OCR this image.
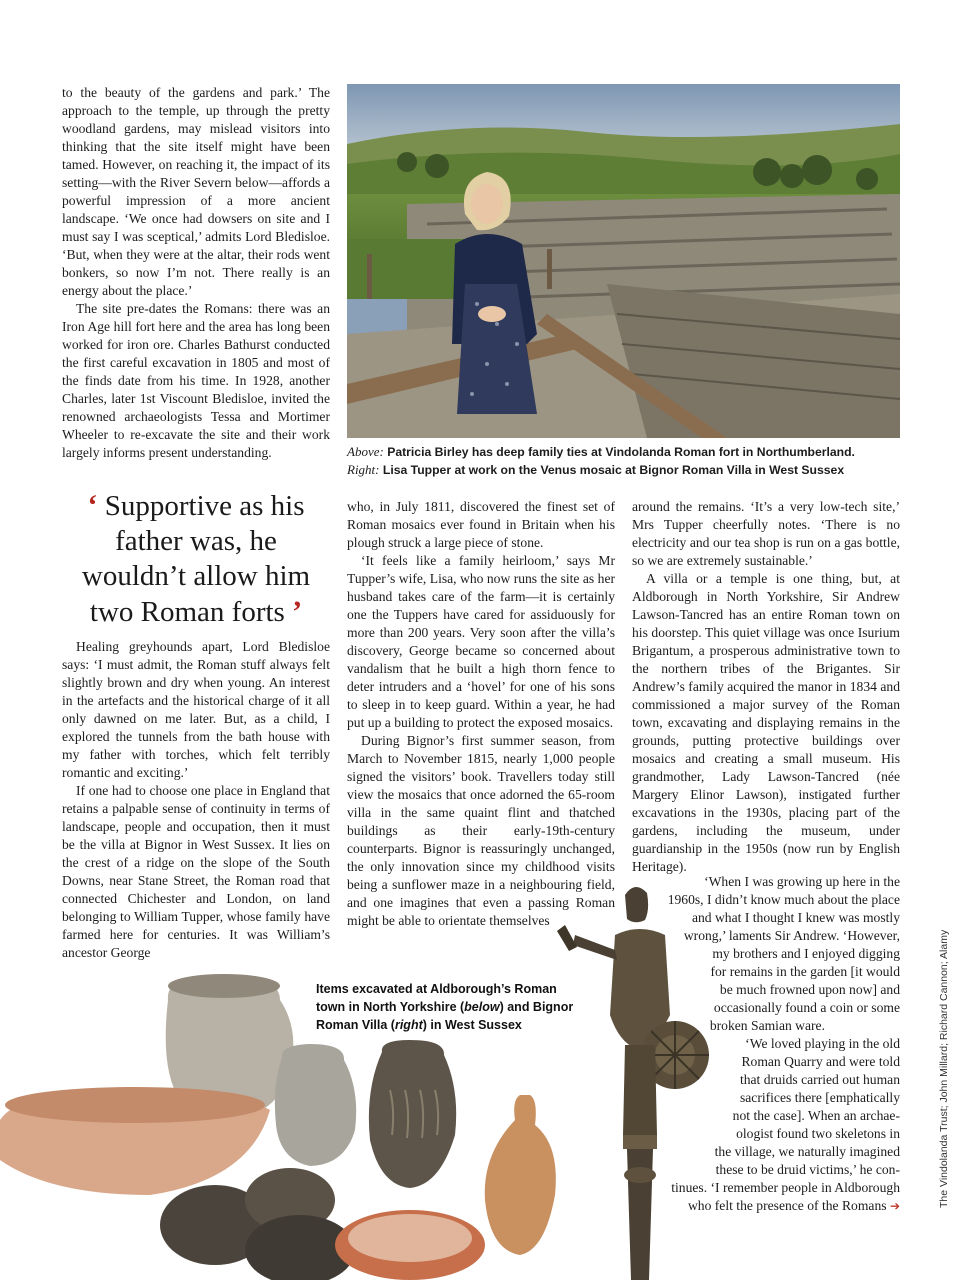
to the beauty of the gardens and park.’ The approach to the temple, up through the pretty woodland gardens, may mislead visitors into thinking that the site itself might have been tamed. However, on reaching it, the impact of its setting—with the River Severn below—affords a powerful impression of a more ancient landscape. ‘We once had dowsers on site and I must say I was sceptical,’ admits Lord Bledisloe. ‘But, when they were at the altar, their rods went bonkers, so now I’m not. There really is an energy about the place.’

The site pre-dates the Romans: there was an Iron Age hill fort here and the area has long been worked for iron ore. Charles Bathurst conducted the first careful excavation in 1805 and most of the finds date from his time. In 1928, another Charles, later 1st Viscount Bledisloe, invited the renowned archaeologists Tessa and Mortimer Wheeler to re-excavate the site and their work largely informs present understanding.

‘ Supportive as his father was, he wouldn’t allow him two Roman forts ’

Healing greyhounds apart, Lord Bledisloe says: ‘I must admit, the Roman stuff always felt slightly brown and dry when young. An interest in the artefacts and the historical charge of it all only dawned on me later. But, as a child, I explored the tunnels from the bath house with my father with torches, which felt terribly romantic and exciting.’

If one had to choose one place in England that retains a palpable sense of continuity in terms of landscape, people and occupation, then it must be the villa at Bignor in West Sussex. It lies on the crest of a ridge on the slope of the South Downs, near Stane Street, the Roman road that connected Chichester and London, on land belonging to William Tupper, whose family have farmed here for centuries. It was William’s ancestor George

Above: Patricia Birley has deep family ties at Vindolanda Roman fort in Northumberland.
Right: Lisa Tupper at work on the Venus mosaic at Bignor Roman Villa in West Sussex

who, in July 1811, discovered the finest set of Roman mosaics ever found in Britain when his plough struck a large piece of stone.

‘It feels like a family heirloom,’ says Mr Tupper’s wife, Lisa, who now runs the site as her husband takes care of the farm—it is certainly one the Tuppers have cared for assiduously for more than 200 years. Very soon after the villa’s discovery, George became so concerned about vandalism that he built a high thorn fence to deter intruders and a ‘hovel’ for one of his sons to sleep in to keep guard. Within a year, he had put up a building to protect the exposed mosaics.

During Bignor’s first summer season, from March to November 1815, nearly 1,000 people signed the visitors’ book. Travellers today still view the mosaics that once adorned the 65-room villa in the same quaint flint and thatched buildings as their early-19th-century counterparts. Bignor is reassuringly unchanged, the only innovation since my childhood visits being a sunflower maze in a neighbouring field, and one imagines that even a passing Roman might be able to orientate themselves

around the remains. ‘It’s a very low-tech site,’ Mrs Tupper cheerfully notes. ‘There is no electricity and our tea shop is run on a gas bottle, so we are extremely sustainable.’

A villa or a temple is one thing, but, at Aldborough in North Yorkshire, Sir Andrew Lawson-Tancred has an entire Roman town on his doorstep. This quiet village was once Isurium Brigantum, a prosperous administrative town to the northern tribes of the Brigantes. Sir Andrew’s family acquired the manor in 1834 and commissioned a major survey of the Roman town, excavating and displaying remains in the grounds, putting protective buildings over mosaics and creating a small museum. His grandmother, Lady Lawson-Tancred (née Margery Elinor Lawson), instigated further excavations in the 1930s, placing part of the gardens, including the museum, under guardianship in the 1950s (now run by English Heritage).

‘When I was growing up here in the
1960s, I didn’t know much about the place
and what I thought I knew was mostly
wrong,’ laments Sir Andrew. ‘However,
my brothers and I enjoyed digging
for remains in the garden [it would
be much frowned upon now] and
occasionally found a coin or some
broken Samian ware.
‘We loved playing in the old
Roman Quarry and were told
that druids carried out human
sacrifices there [emphatically
not the case]. When an archae-
ologist found two skeletons in
the village, we naturally imagined
these to be druid victims,’ he con-
tinues. ‘I remember people in Aldborough
who felt the presence of the Romans ➔
Items excavated at Aldborough’s Roman town in North Yorkshire (below) and Bignor Roman Villa (right) in West Sussex	The Vindolanda Trust; John Millard; Richard Cannon; Alamy
